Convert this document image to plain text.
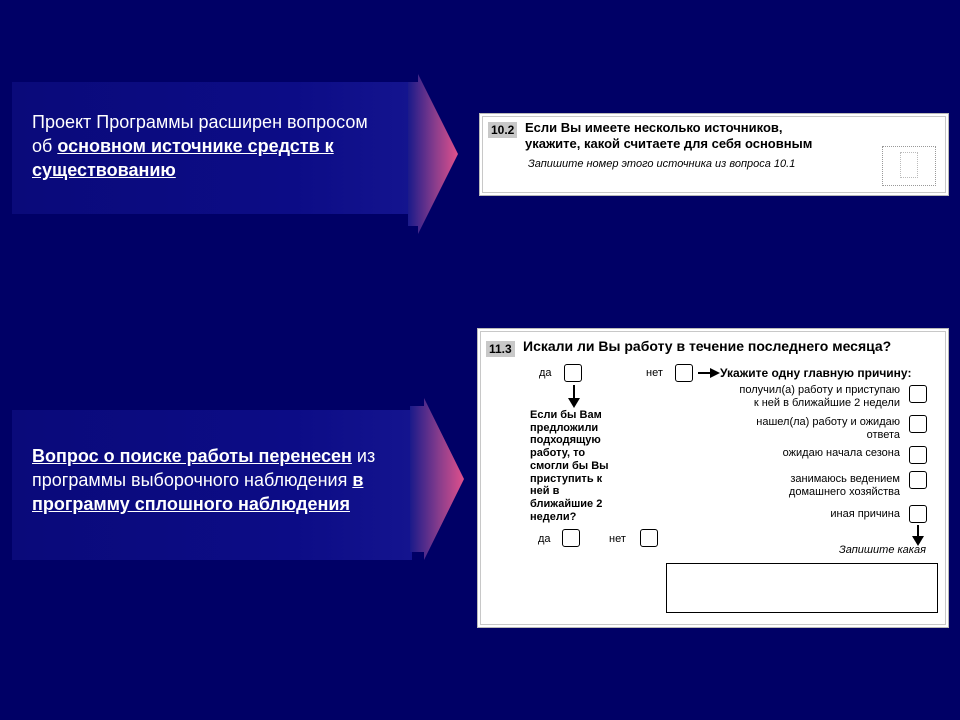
Проект Программы расширен вопросом об основном источнике средств к существованию
Вопрос о поиске работы перенесен из программы выборочного наблюдения в программу сплошного наблюдения
10.2 Если Вы имеете несколько источников,
укажите, какой считаете для себя основным
Запишите номер этого источника из вопроса 10.1
11.3 Искали ли Вы работу в течение последнего месяца?
да	нет	Укажите одну главную причину:
получил(а) работу и приступаю
к ней в ближайшие 2 недели
нашел(ла) работу и ожидаю
ответа
ожидаю начала сезона
занимаюсь ведением
домашнего хозяйства
иная причина
Запишите какая
Если бы Вам
предложили
подходящую
работу, то
смогли бы Вы
приступить к
ней в
ближайшие 2
недели?
да	нет
